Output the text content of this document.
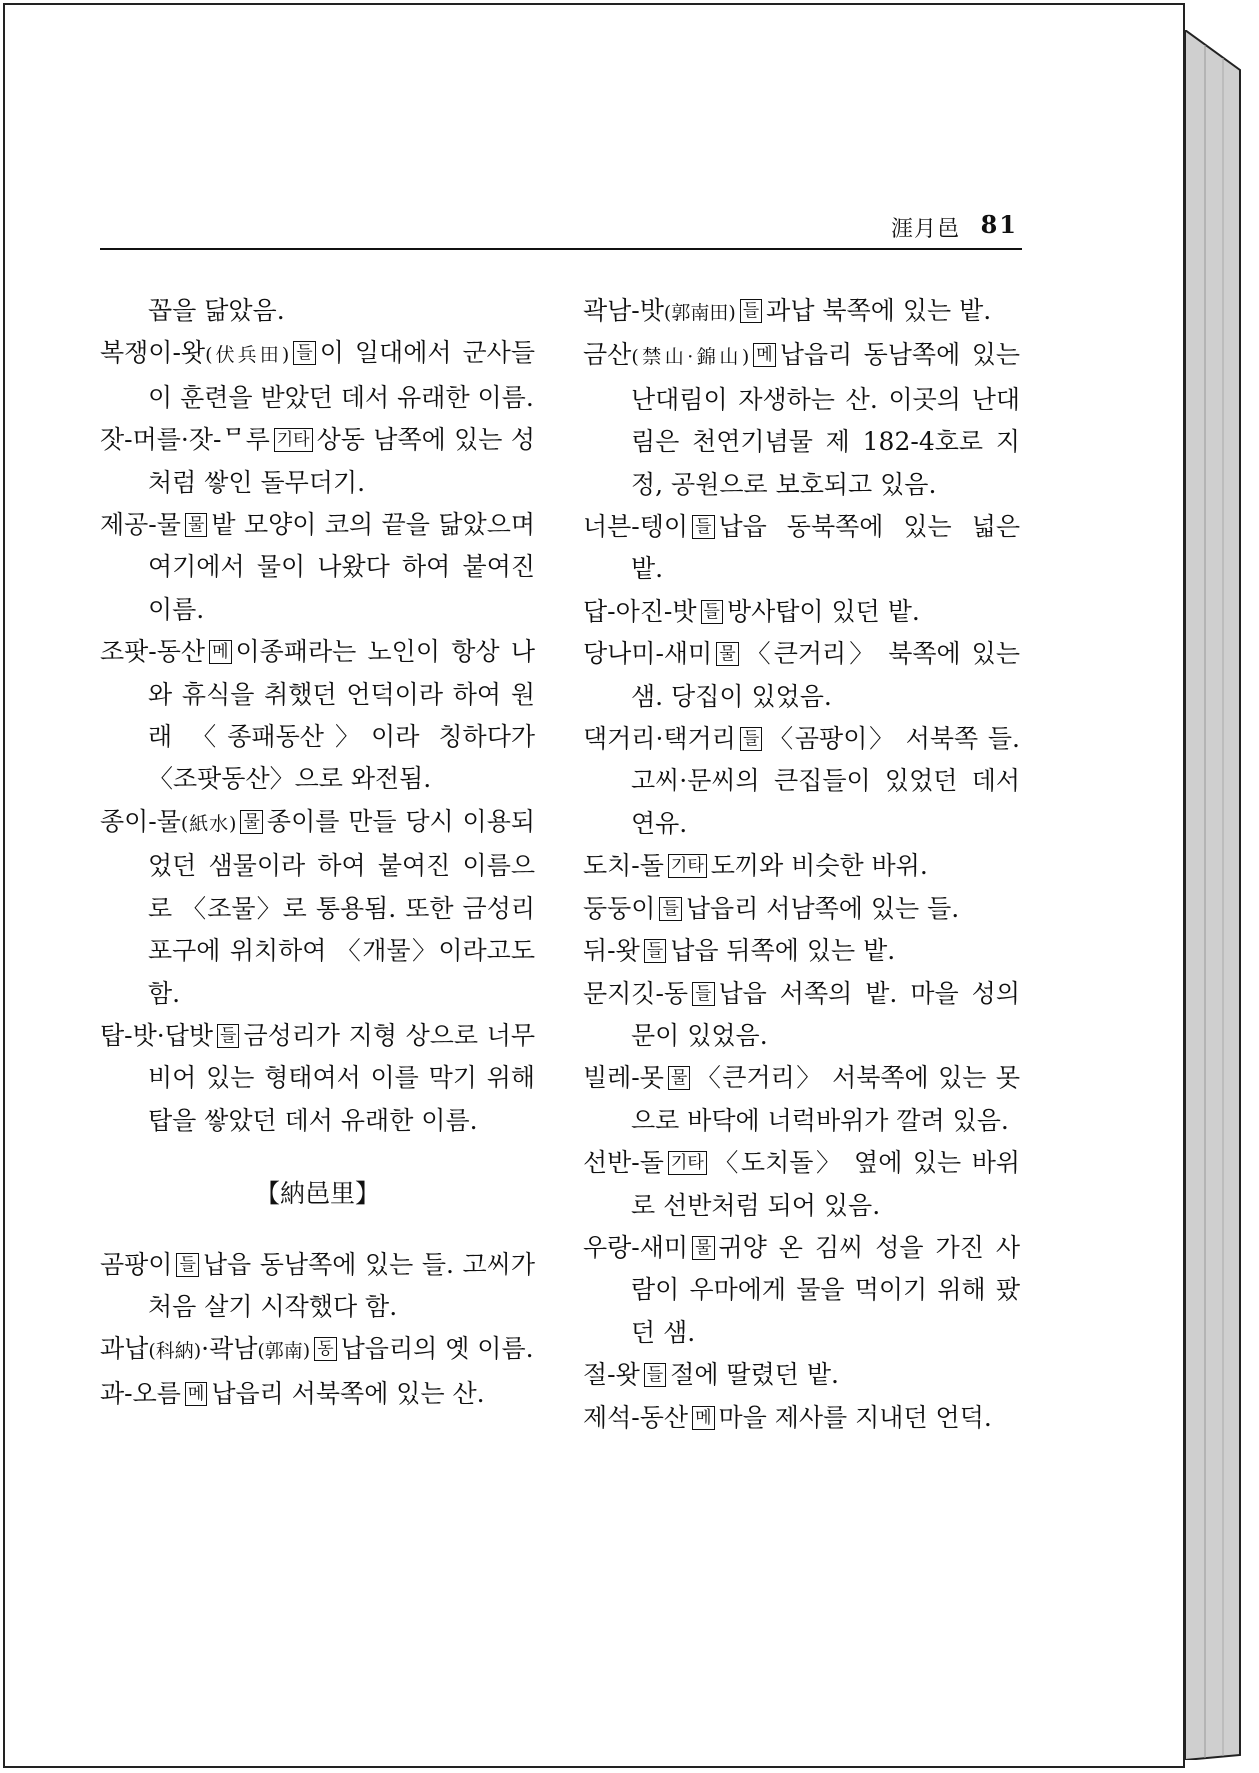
涯月邑 81
꼽을 닮았음.
복쟁이-왓(伏兵田) 들 이 일대에서 군사들이 훈련을 받았던 데서 유래한 이름.
잣-머를·잣-ᄆ루 기타 상동 남쪽에 있는 성처럼 쌓인 돌무더기.
제공-물 물 밭 모양이 코의 끝을 닮았으며 여기에서 물이 나왔다 하여 붙여진 이름.
조팟-동산 메 이종패라는 노인이 항상 나와 휴식을 취했던 언덕이라 하여 원래 〈종패동산〉이라 칭하다가 〈조팟동산〉으로 와전됨.
종이-물(紙水) 물 종이를 만들 당시 이용되었던 샘물이라 하여 붙여진 이름으로 〈조물〉로 통용됨. 또한 금성리 포구에 위치하여 〈개물〉이라고도 함.
탑-밧·답밧 들 금성리가 지형 상으로 너무 비어 있는 형태여서 이를 막기 위해 탑을 쌓았던 데서 유래한 이름.
【納邑里】
곰팡이 들 납읍 동남쪽에 있는 들. 고씨가 처음 살기 시작했다 함.
과납(科納)·곽남(郭南) 동 납읍리의 옛 이름.
과-오름 메 납읍리 서북쪽에 있는 산.
곽남-밧(郭南田) 들 과납 북쪽에 있는 밭.
금산(禁山·錦山) 메 납읍리 동남쪽에 있는 난대림이 자생하는 산. 이곳의 난대림은 천연기념물 제 182-4호로 지정, 공원으로 보호되고 있음.
너븐-텡이 들 납읍 동북쪽에 있는 넓은 밭.
답-아진-밧 들 방사탑이 있던 밭.
당나미-새미 물 〈큰거리〉 북쪽에 있는 샘. 당집이 있었음.
댁거리·택거리 들 〈곰팡이〉 서북쪽 들. 고씨·문씨의 큰집들이 있었던 데서 연유.
도치-돌 기타 도끼와 비슷한 바위.
둥둥이 들 납읍리 서남쪽에 있는 들.
뒤-왓 들 납읍 뒤쪽에 있는 밭.
문지깃-동 들 납읍 서쪽의 밭. 마을 성의 문이 있었음.
빌레-못 물 〈큰거리〉 서북쪽에 있는 못으로 바닥에 너럭바위가 깔려 있음.
선반-돌 기타 〈도치돌〉 옆에 있는 바위로 선반처럼 되어 있음.
우랑-새미 물 귀양 온 김씨 성을 가진 사람이 우마에게 물을 먹이기 위해 팠던 샘.
절-왓 들 절에 딸렸던 밭.
제석-동산 메 마을 제사를 지내던 언덕.
